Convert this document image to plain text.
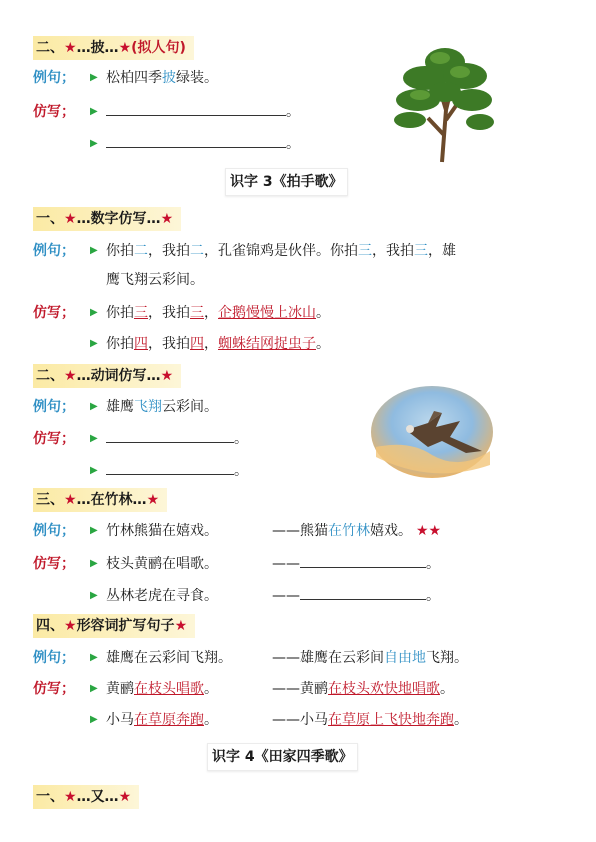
二、★…披…★(拟人句)
例句； ▶ 松柏四季披绿装。
仿写； ▶	。
▶	。
识字 3《拍手歌》
一、★…数字仿写…★
例句； ▶ 你拍二，我拍二，孔雀锦鸡是伙伴。你拍三，我拍三，雄
鹰飞翔云彩间。
仿写； ▶ 你拍三，我拍三，企鹅慢慢上冰山。
▶ 你拍四，我拍四，蜘蛛结网捉虫子。
二、★…动词仿写…★
例句； ▶ 雄鹰飞翔云彩间。
仿写； ▶	。
▶	。
三、★…在竹林…★
例句； ▶ 竹林熊猫在嬉戏。	——熊猫在竹林嬉戏。 ★★
仿写； ▶ 枝头黄鹂在唱歌。	——	。
▶ 丛林老虎在寻食。	——	。
四、★形容词扩写句子★
例句； ▶ 雄鹰在云彩间飞翔。	——雄鹰在云彩间自由地飞翔。
仿写； ▶ 黄鹂在枝头唱歌。	——黄鹂在枝头欢快地唱歌。
▶ 小马在草原奔跑。	——小马在草原上飞快地奔跑。
识字 4《田家四季歌》
一、★…又…★
